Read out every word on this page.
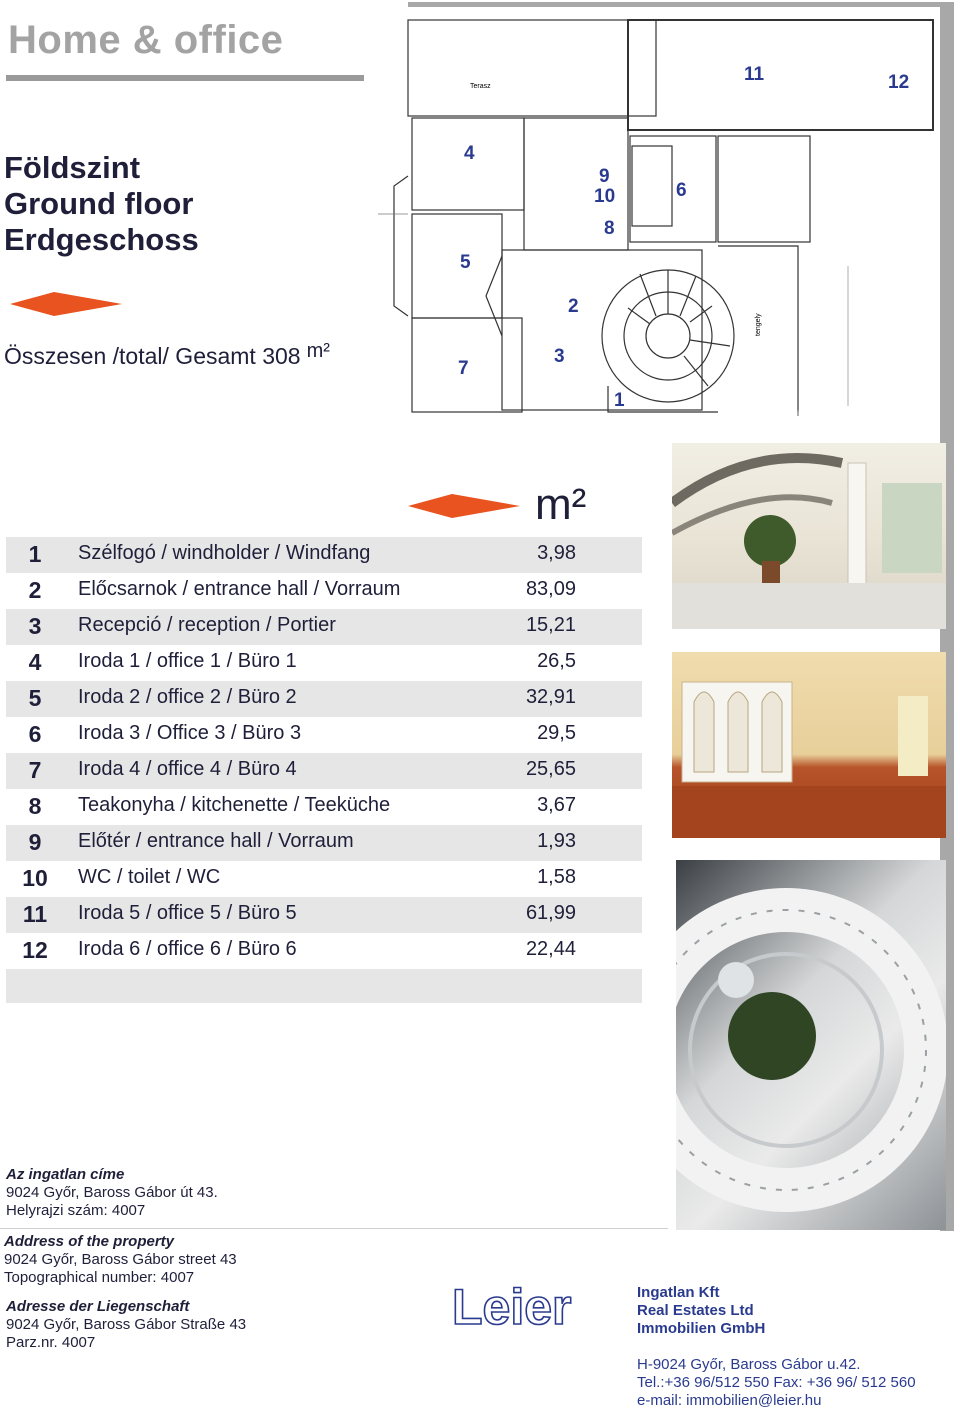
Home & office
Földszint
Ground floor
Erdgeschoss
Összesen /total/ Gesamt 308 m²
Terasz
tengely
1
2
3
4
5
6
7
8
9
10
11	12
m²
1	Szélfogó / windholder / Windfang	3,98
2	Előcsarnok / entrance hall / Vorraum	83,09
3	Recepció / reception / Portier	15,21
4	Iroda 1 / office 1 / Büro 1	26,5
5	Iroda 2 / office 2 / Büro 2	32,91
6	Iroda 3 / Office 3 / Büro 3	29,5
7	Iroda 4 / office 4 / Büro 4	25,65
8	Teakonyha / kitchenette / Teeküche	3,67
9	Előtér / entrance hall / Vorraum	1,93
10	WC / toilet / WC	1,58
11	Iroda 5 / office 5 / Büro 5	61,99
12	Iroda 6 / office 6 / Büro 6	22,44
Az ingatlan címe
9024 Győr, Baross Gábor út 43.
Helyrajzi szám: 4007
Address of the property
9024 Győr, Baross Gábor street 43
Topographical number: 4007
Adresse der Liegenschaft
9024 Győr, Baross Gábor Straße 43
Parz.nr. 4007
Leier	Ingatlan Kft
Real Estates Ltd
Immobilien GmbH
H-9024 Győr, Baross Gábor u.42.
Tel.:+36 96/512 550 Fax: +36 96/ 512 560
e-mail: immobilien@leier.hu
